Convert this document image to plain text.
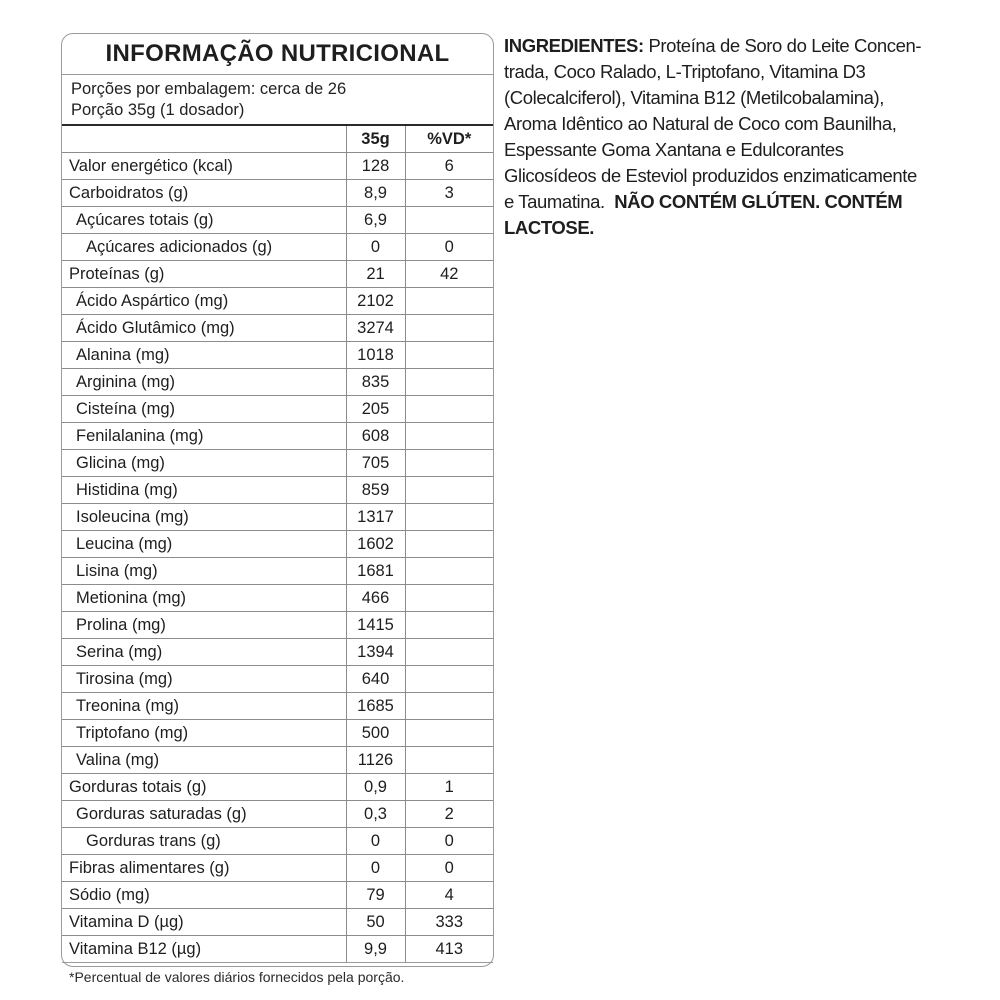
INFORMAÇÃO NUTRICIONAL
Porções por embalagem: cerca de 26
Porção 35g (1 dosador)
	35g	%VD*
Valor energético (kcal)	128	6
Carboidratos (g)	8,9	3
Açúcares totais (g)	6,9	
Açúcares adicionados (g)	0	0
Proteínas (g)	21	42
Ácido Aspártico (mg)	2102	
Ácido Glutâmico (mg)	3274	
Alanina (mg)	1018	
Arginina (mg)	835	
Cisteína (mg)	205	
Fenilalanina (mg)	608	
Glicina (mg)	705	
Histidina (mg)	859	
Isoleucina (mg)	1317	
Leucina (mg)	1602	
Lisina (mg)	1681	
Metionina (mg)	466	
Prolina (mg)	1415	
Serina (mg)	1394	
Tirosina (mg)	640	
Treonina (mg)	1685	
Triptofano (mg)	500	
Valina (mg)	1126	
Gorduras totais (g)	0,9	1
Gorduras saturadas (g)	0,3	2
Gorduras trans (g)	0	0
Fibras alimentares (g)	0	0
Sódio (mg)	79	4
Vitamina D (µg)	50	333
Vitamina B12 (µg)	9,9	413
*Percentual de valores diários fornecidos pela porção.
INGREDIENTES: Proteína de Soro do Leite Concen-
trada, Coco Ralado, L-Triptofano, Vitamina D3
(Colecalciferol), Vitamina B12 (Metilcobalamina),
Aroma Idêntico ao Natural de Coco com Baunilha,
Espessante Goma Xantana e Edulcorantes
Glicosídeos de Esteviol produzidos enzimaticamente
e Taumatina. NÃO CONTÉM GLÚTEN. CONTÉM
LACTOSE.
